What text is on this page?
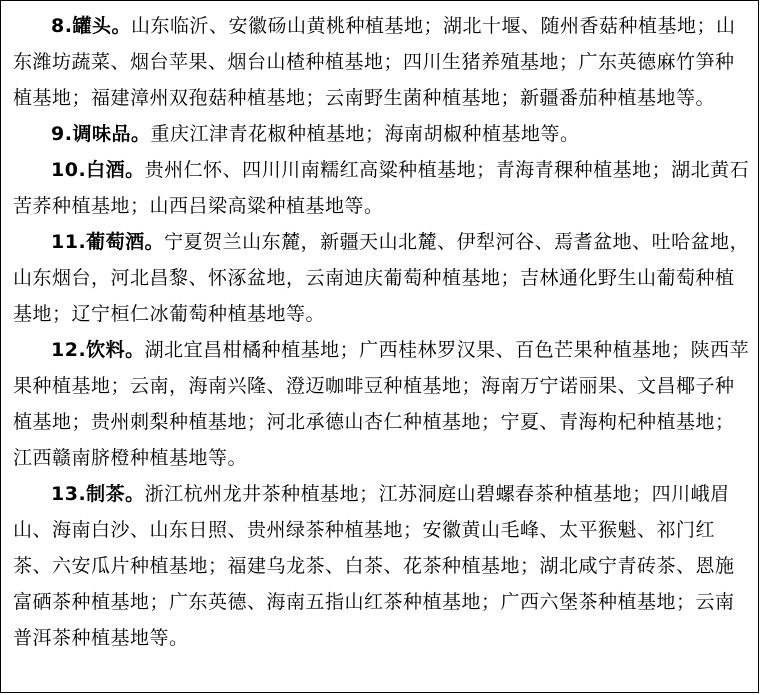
8.罐头。山东临沂、安徽砀山黄桃种植基地；湖北十堰、随州香菇种植基地；山东潍坊蔬菜、烟台苹果、烟台山楂种植基地；四川生猪养殖基地；广东英德麻竹笋种植基地；福建漳州双孢菇种植基地；云南野生菌种植基地；新疆番茄种植基地等。

9.调味品。重庆江津青花椒种植基地；海南胡椒种植基地等。

10.白酒。贵州仁怀、四川川南糯红高粱种植基地；青海青稞种植基地；湖北黄石苦荞种植基地；山西吕梁高粱种植基地等。

11.葡萄酒。宁夏贺兰山东麓，新疆天山北麓、伊犁河谷、焉耆盆地、吐哈盆地，山东烟台，河北昌黎、怀涿盆地，云南迪庆葡萄种植基地；吉林通化野生山葡萄种植基地；辽宁桓仁冰葡萄种植基地等。

12.饮料。湖北宜昌柑橘种植基地；广西桂林罗汉果、百色芒果种植基地；陕西苹果种植基地；云南，海南兴隆、澄迈咖啡豆种植基地；海南万宁诺丽果、文昌椰子种植基地；贵州刺梨种植基地；河北承德山杏仁种植基地；宁夏、青海枸杞种植基地；江西赣南脐橙种植基地等。

13.制茶。浙江杭州龙井茶种植基地；江苏洞庭山碧螺春茶种植基地；四川峨眉山、海南白沙、山东日照、贵州绿茶种植基地；安徽黄山毛峰、太平猴魁、祁门红茶、六安瓜片种植基地；福建乌龙茶、白茶、花茶种植基地；湖北咸宁青砖茶、恩施富硒茶种植基地；广东英德、海南五指山红茶种植基地；广西六堡茶种植基地；云南普洱茶种植基地等。
